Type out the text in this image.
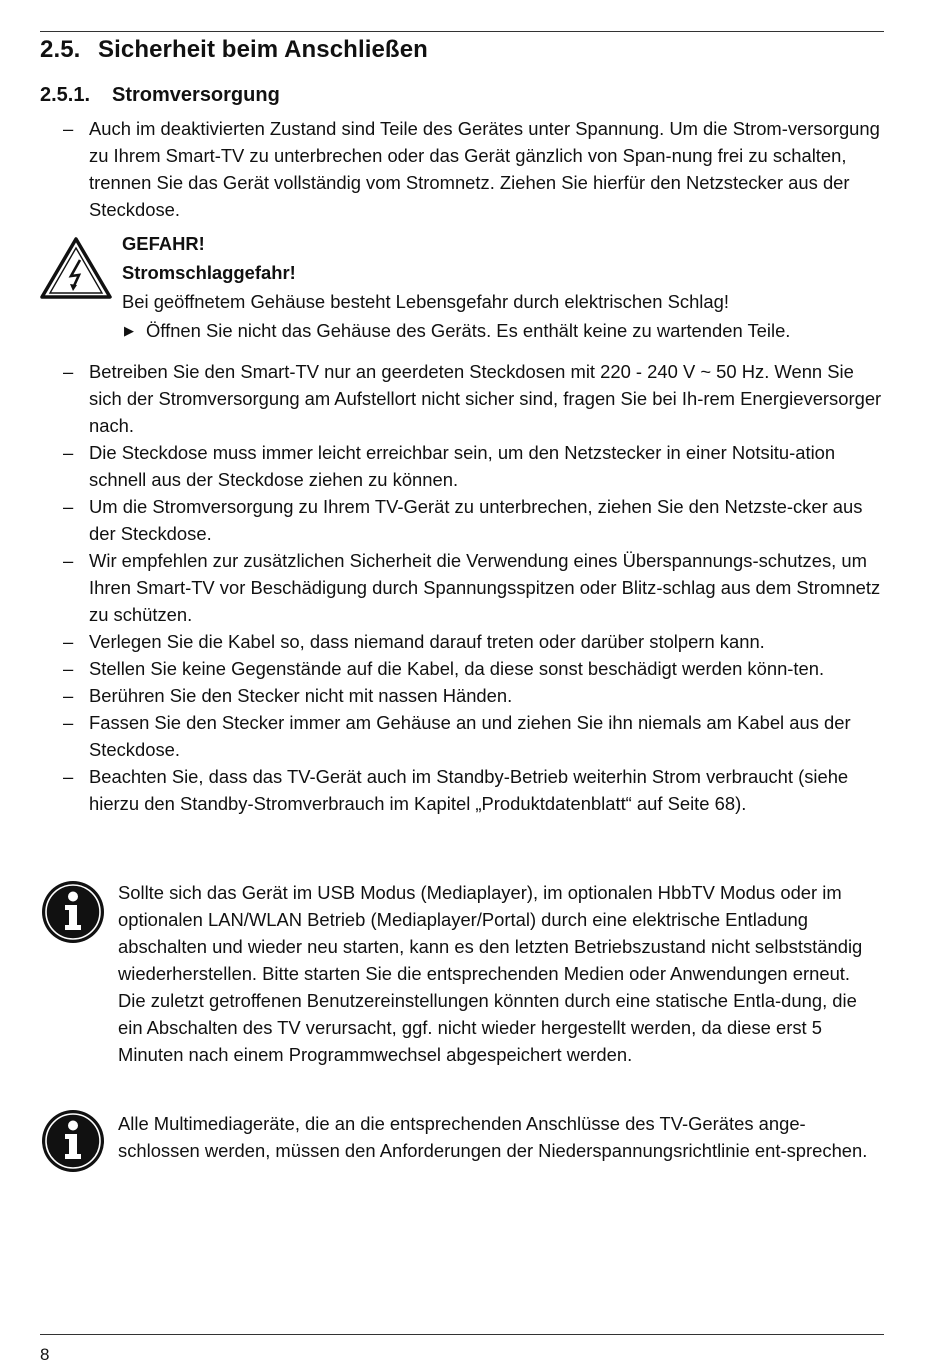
2.5. Sicherheit beim Anschließen
2.5.1. Stromversorgung
– Auch im deaktivierten Zustand sind Teile des Gerätes unter Spannung. Um die Strom-versorgung zu Ihrem Smart-TV zu unterbrechen oder das Gerät gänzlich von Span-nung frei zu schalten, trennen Sie das Gerät vollständig vom Stromnetz. Ziehen Sie hierfür den Netzstecker aus der Steckdose.
GEFAHR!
Stromschlaggefahr!
Bei geöffnetem Gehäuse besteht Lebensgefahr durch elektrischen Schlag!
▶ Öffnen Sie nicht das Gehäuse des Geräts. Es enthält keine zu wartenden Teile.
– Betreiben Sie den Smart-TV nur an geerdeten Steckdosen mit 220 - 240 V ~ 50 Hz. Wenn Sie sich der Stromversorgung am Aufstellort nicht sicher sind, fragen Sie bei Ih-rem Energieversorger nach.
– Die Steckdose muss immer leicht erreichbar sein, um den Netzstecker in einer Notsitu-ation schnell aus der Steckdose ziehen zu können.
– Um die Stromversorgung zu Ihrem TV-Gerät zu unterbrechen, ziehen Sie den Netzste-cker aus der Steckdose.
– Wir empfehlen zur zusätzlichen Sicherheit die Verwendung eines Überspannungs-schutzes, um Ihren Smart-TV vor Beschädigung durch Spannungsspitzen oder Blitz-schlag aus dem Stromnetz zu schützen.
– Verlegen Sie die Kabel so, dass niemand darauf treten oder darüber stolpern kann.
– Stellen Sie keine Gegenstände auf die Kabel, da diese sonst beschädigt werden könn-ten.
– Berühren Sie den Stecker nicht mit nassen Händen.
– Fassen Sie den Stecker immer am Gehäuse an und ziehen Sie ihn niemals am Kabel aus der Steckdose.
– Beachten Sie, dass das TV-Gerät auch im Standby-Betrieb weiterhin Strom verbraucht (siehe hierzu den Standby-Stromverbrauch im Kapitel „Produktdatenblatt“ auf Seite 68).

Sollte sich das Gerät im USB Modus (Mediaplayer), im optionalen HbbTV Modus oder im optionalen LAN/WLAN Betrieb (Mediaplayer/Portal) durch eine elektrische Entladung abschalten und wieder neu starten, kann es den letzten Betriebszustand nicht selbstständig wiederherstellen. Bitte starten Sie die entsprechenden Medien oder Anwendungen erneut.

Die zuletzt getroffenen Benutzereinstellungen könnten durch eine statische Entla-dung, die ein Abschalten des TV verursacht, ggf. nicht wieder hergestellt werden, da diese erst 5 Minuten nach einem Programmwechsel abgespeichert werden.

Alle Multimediageräte, die an die entsprechenden Anschlüsse des TV-Gerätes ange-schlossen werden, müssen den Anforderungen der Niederspannungsrichtlinie ent-sprechen.

8
